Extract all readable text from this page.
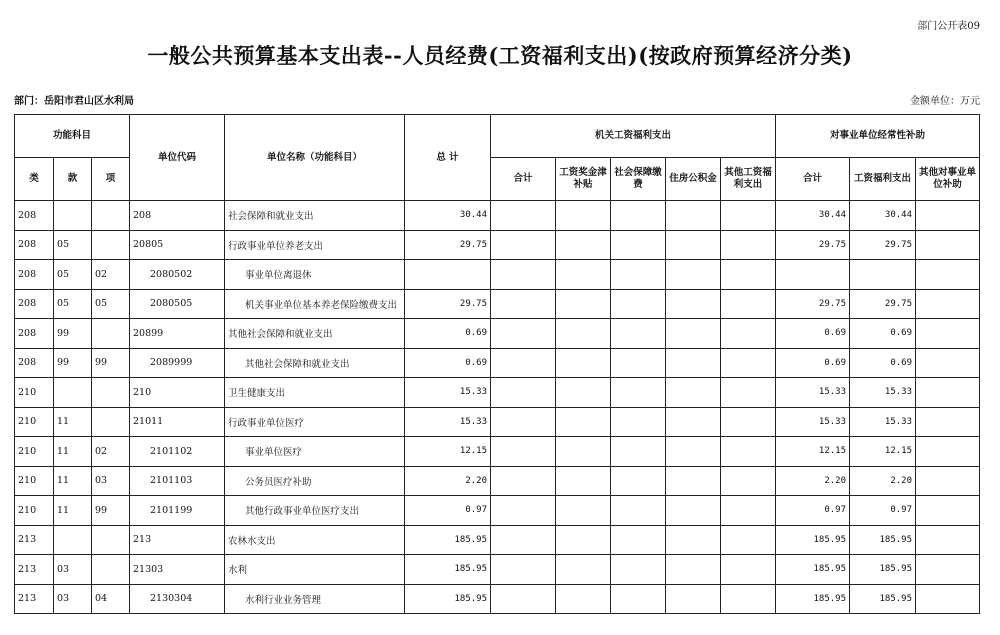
部门公开表09
一般公共预算基本支出表--人员经费(工资福利支出)(按政府预算经济分类)
部门：岳阳市君山区水利局	金额单位：万元
功能科目			单位代码	单位名称（功能科目）	总 计	机关工资福利支出					对事业单位经常性补助		
类	款	项				合计	工资奖金津补贴	社会保障缴费	住房公积金	其他工资福利支出	合计	工资福利支出	其他对事业单位补助
208			208	社会保障和就业支出	30.44						30.44	30.44	
208	05		20805	行政事业单位养老支出	29.75						29.75	29.75	
208	05	02	2080502	事业单位离退休									
208	05	05	2080505	机关事业单位基本养老保险缴费支出	29.75						29.75	29.75	
208	99		20899	其他社会保障和就业支出	0.69						0.69	0.69	
208	99	99	2089999	其他社会保障和就业支出	0.69						0.69	0.69	
210			210	卫生健康支出	15.33						15.33	15.33	
210	11		21011	行政事业单位医疗	15.33						15.33	15.33	
210	11	02	2101102	事业单位医疗	12.15						12.15	12.15	
210	11	03	2101103	公务员医疗补助	2.20						2.20	2.20	
210	11	99	2101199	其他行政事业单位医疗支出	0.97						0.97	0.97	
213			213	农林水支出	185.95						185.95	185.95	
213	03		21303	水利	185.95						185.95	185.95	
213	03	04	2130304	水利行业业务管理	185.95						185.95	185.95	
